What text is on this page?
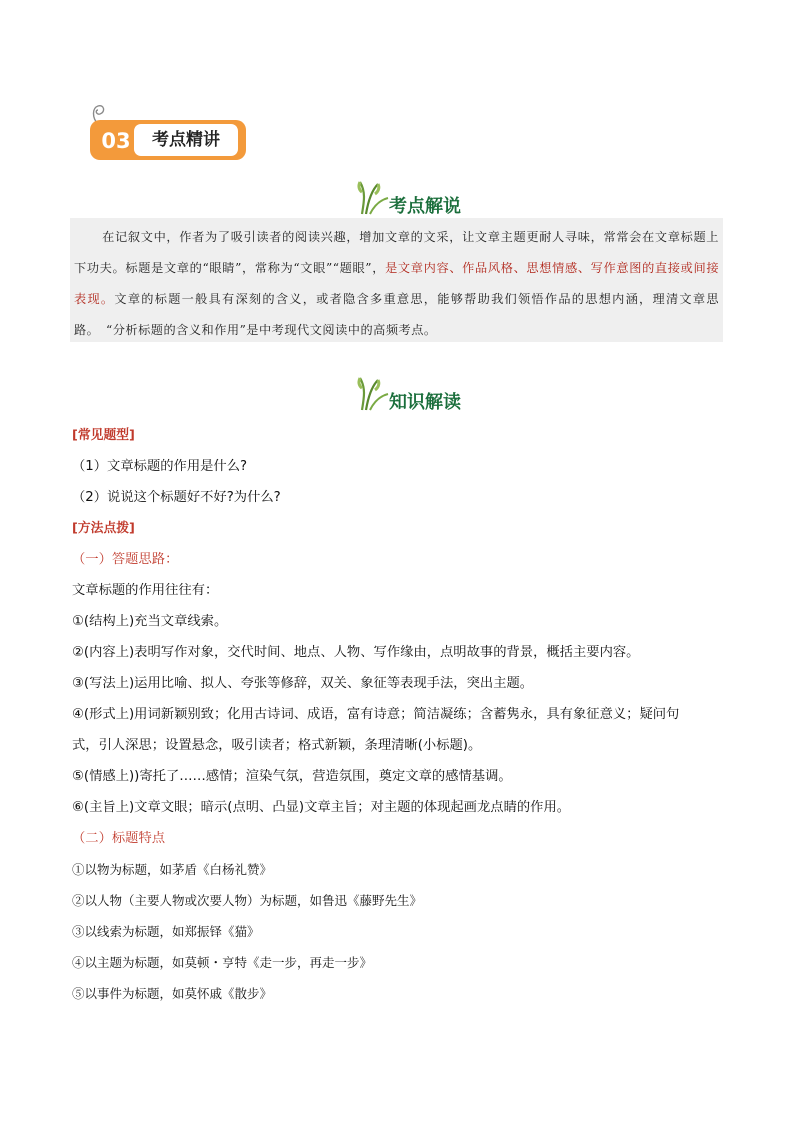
03	考点精讲
考点解说
在记叙文中，作者为了吸引读者的阅读兴趣，增加文章的文采，让文章主题更耐人寻味，常常会在文章标题上下功夫。标题是文章的“眼睛”，常称为“文眼”“题眼”，是文章内容、作品风格、思想情感、写作意图的直接或间接表现。文章的标题一般具有深刻的含义，或者隐含多重意思，能够帮助我们领悟作品的思想内涵，理清文章思路。　“分析标题的含义和作用”是中考现代文阅读中的高频考点。
知识解读
[常见题型]
（1）文章标题的作用是什么?
（2）说说这个标题好不好?为什么?
[方法点拨]
（一）答题思路：
文章标题的作用往往有：
①(结构上)充当文章线索。
②(内容上)表明写作对象，交代时间、地点、人物、写作缘由，点明故事的背景，概括主要内容。
③(写法上)运用比喻、拟人、夸张等修辞，双关、象征等表现手法，突出主题。
④(形式上)用词新颖别致；化用古诗词、成语，富有诗意；简洁凝练；含蓄隽永，具有象征意义；疑问句
式，引人深思；设置悬念，吸引读者；格式新颖，条理清晰(小标题)。
⑤(情感上))寄托了……感情；渲染气氛，营造氛围，奠定文章的感情基调。
⑥(主旨上)文章文眼；暗示(点明、凸显)文章主旨；对主题的体现起画龙点睛的作用。
（二）标题特点
①以物为标题，如茅盾《白杨礼赞》
②以人物（主要人物或次要人物）为标题，如鲁迅《藤野先生》
③以线索为标题，如郑振铎《猫》
④以主题为标题，如莫顿・亨特《走一步，再走一步》
⑤以事件为标题，如莫怀戚《散步》
